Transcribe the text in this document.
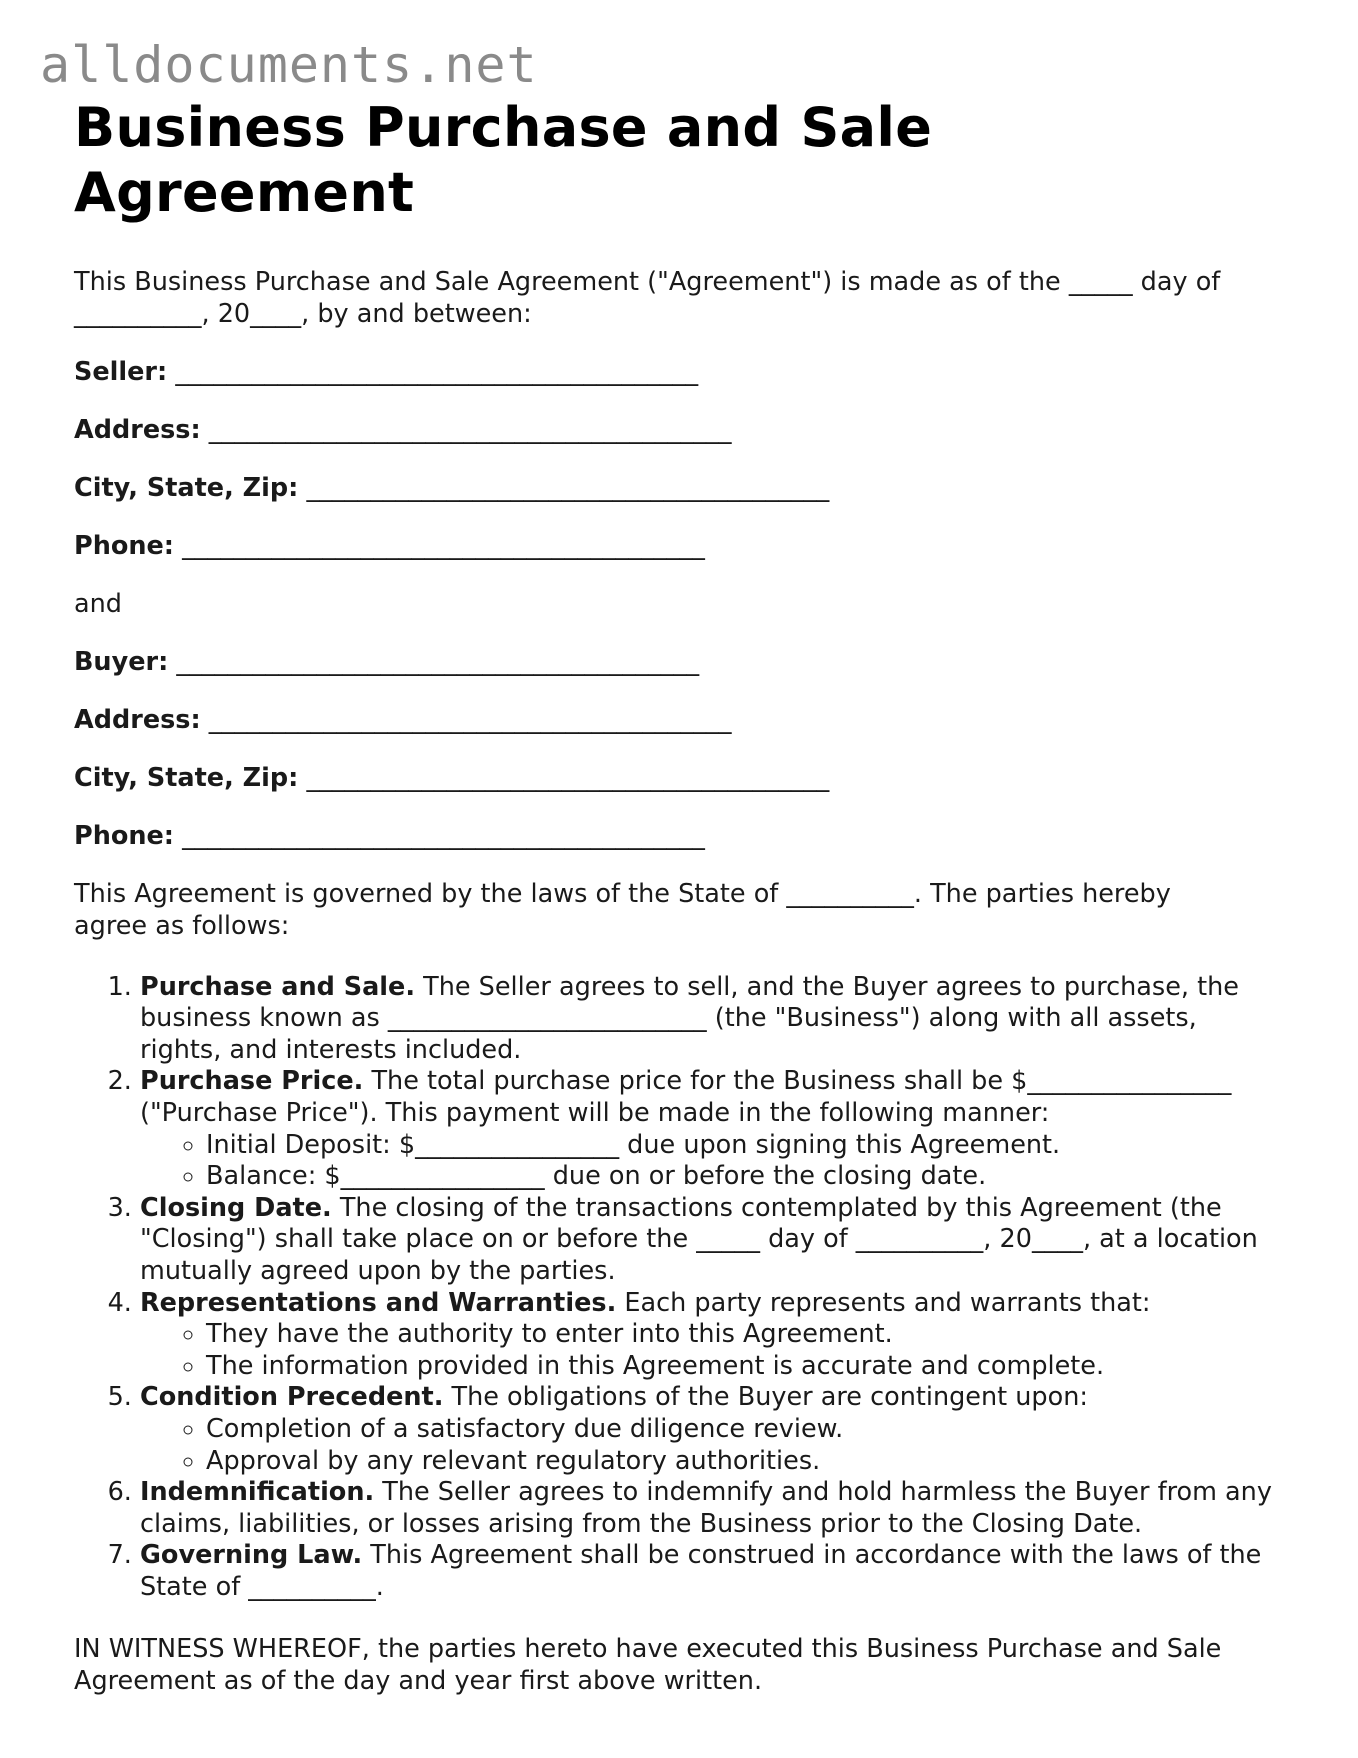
alldocuments.net
Business Purchase and Sale Agreement

This Business Purchase and Sale Agreement ("Agreement") is made as of the _____ day of
__________, 20____, by and between:

Seller: _________________________________________

Address: _________________________________________

City, State, Zip: _________________________________________

Phone: _________________________________________

and

Buyer: _________________________________________

Address: _________________________________________

City, State, Zip: _________________________________________

Phone: _________________________________________

This Agreement is governed by the laws of the State of __________. The parties hereby
agree as follows:

1. Purchase and Sale. The Seller agrees to sell, and the Buyer agrees to purchase, the business known as _________________________ (the "Business") along with all assets, rights, and interests included.
2. Purchase Price. The total purchase price for the Business shall be $________________ ("Purchase Price"). This payment will be made in the following manner:
◦ Initial Deposit: $________________ due upon signing this Agreement.
◦ Balance: $________________ due on or before the closing date.
3. Closing Date. The closing of the transactions contemplated by this Agreement (the "Closing") shall take place on or before the _____ day of __________, 20____, at a location mutually agreed upon by the parties.
4. Representations and Warranties. Each party represents and warrants that:
◦ They have the authority to enter into this Agreement.
◦ The information provided in this Agreement is accurate and complete.
5. Condition Precedent. The obligations of the Buyer are contingent upon:
◦ Completion of a satisfactory due diligence review.
◦ Approval by any relevant regulatory authorities.
6. Indemnification. The Seller agrees to indemnify and hold harmless the Buyer from any claims, liabilities, or losses arising from the Business prior to the Closing Date.
7. Governing Law. This Agreement shall be construed in accordance with the laws of the State of __________.

IN WITNESS WHEREOF, the parties hereto have executed this Business Purchase and Sale
Agreement as of the day and year first above written.
